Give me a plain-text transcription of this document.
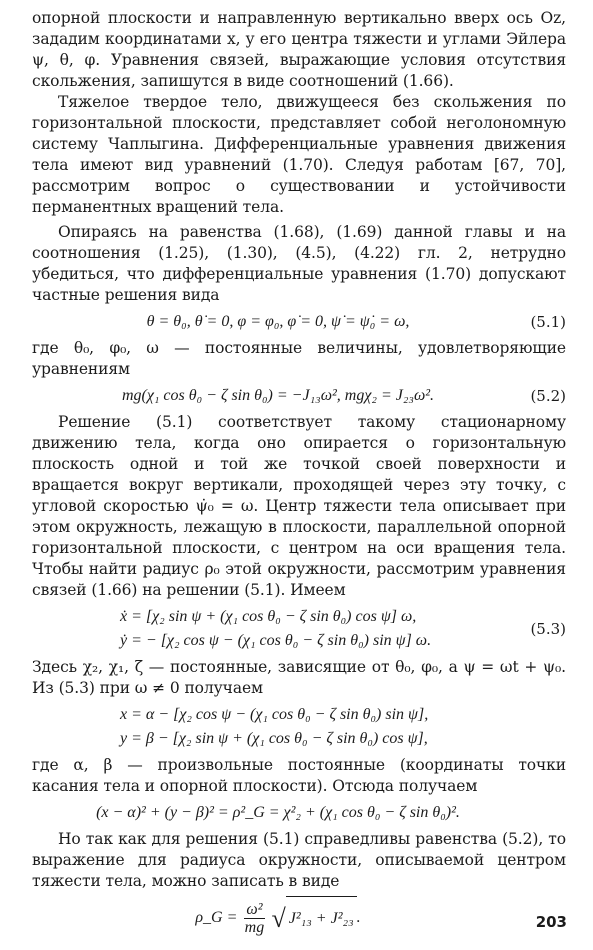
опорной плоскости и направленную вертикально вверх ось Oz, зададим координатами x, y его центра тяжести и углами Эйлера ψ, θ, φ. Уравнения связей, выражающие условия отсутствия скольжения, запишутся в виде соотношений (1.66).

Тяжелое твердое тело, движущееся без скольжения по горизонтальной плоскости, представляет собой неголономную систему Чаплыгина. Дифференциальные уравнения движения тела имеют вид уравнений (1.70). Следуя работам [67, 70], рассмотрим вопрос о существовании и устойчивости перманентных вращений тела.

Опираясь на равенства (1.68), (1.69) данной главы и на соотношения (1.25), (1.30), (4.5), (4.22) гл. 2, нетрудно убедиться, что дифференциальные уравнения (1.70) допускают частные решения вида

θ = θ₀, θ̇ = 0, φ = φ₀, φ̇ = 0, ψ̇ = ψ̇₀ = ω,	(5.1)

где θ₀, φ₀, ω — постоянные величины, удовлетворяющие уравнениям

mg(χ₁ cos θ₀ − ζ sin θ₀) = −J₁₃ω², mgχ₂ = J₂₃ω².	(5.2)

Решение (5.1) соответствует такому стационарному движению тела, когда оно опирается о горизонтальную плоскость одной и той же точкой своей поверхности и вращается вокруг вертикали, проходящей через эту точку, с угловой скоростью ψ̇₀ = ω. Центр тяжести тела описывает при этом окружность, лежащую в плоскости, параллельной опорной горизонтальной плоскости, с центром на оси вращения тела. Чтобы найти радиус ρ₀ этой окружности, рассмотрим уравнения связей (1.66) на решении (5.1). Имеем

ẋ = [χ₂ sin ψ + (χ₁ cos θ₀ − ζ sin θ₀) cos ψ] ω,
ẏ = − [χ₂ cos ψ − (χ₁ cos θ₀ − ζ sin θ₀) sin ψ] ω.
(5.3)

Здесь χ₂, χ₁, ζ — постоянные, зависящие от θ₀, φ₀, а ψ = ωt + ψ₀. Из (5.3) при ω ≠ 0 получаем

x = α − [χ₂ cos ψ − (χ₁ cos θ₀ − ζ sin θ₀) sin ψ],
y = β − [χ₂ sin ψ + (χ₁ cos θ₀ − ζ sin θ₀) cos ψ],

где α, β — произвольные постоянные (координаты точки касания тела и опорной плоскости). Отсюда получаем

(x − α)² + (y − β)² = ρ²_G = χ²₂ + (χ₁ cos θ₀ − ζ sin θ₀)².

Но так как для решения (5.1) справедливы равенства (5.2), то выражение для радиуса окружности, описываемой центром тяжести тела, можно записать в виде

ρ_G = $\frac{\text{ω²}}{mg}$ √ J²₁₃ + J²₂₃ .	203
